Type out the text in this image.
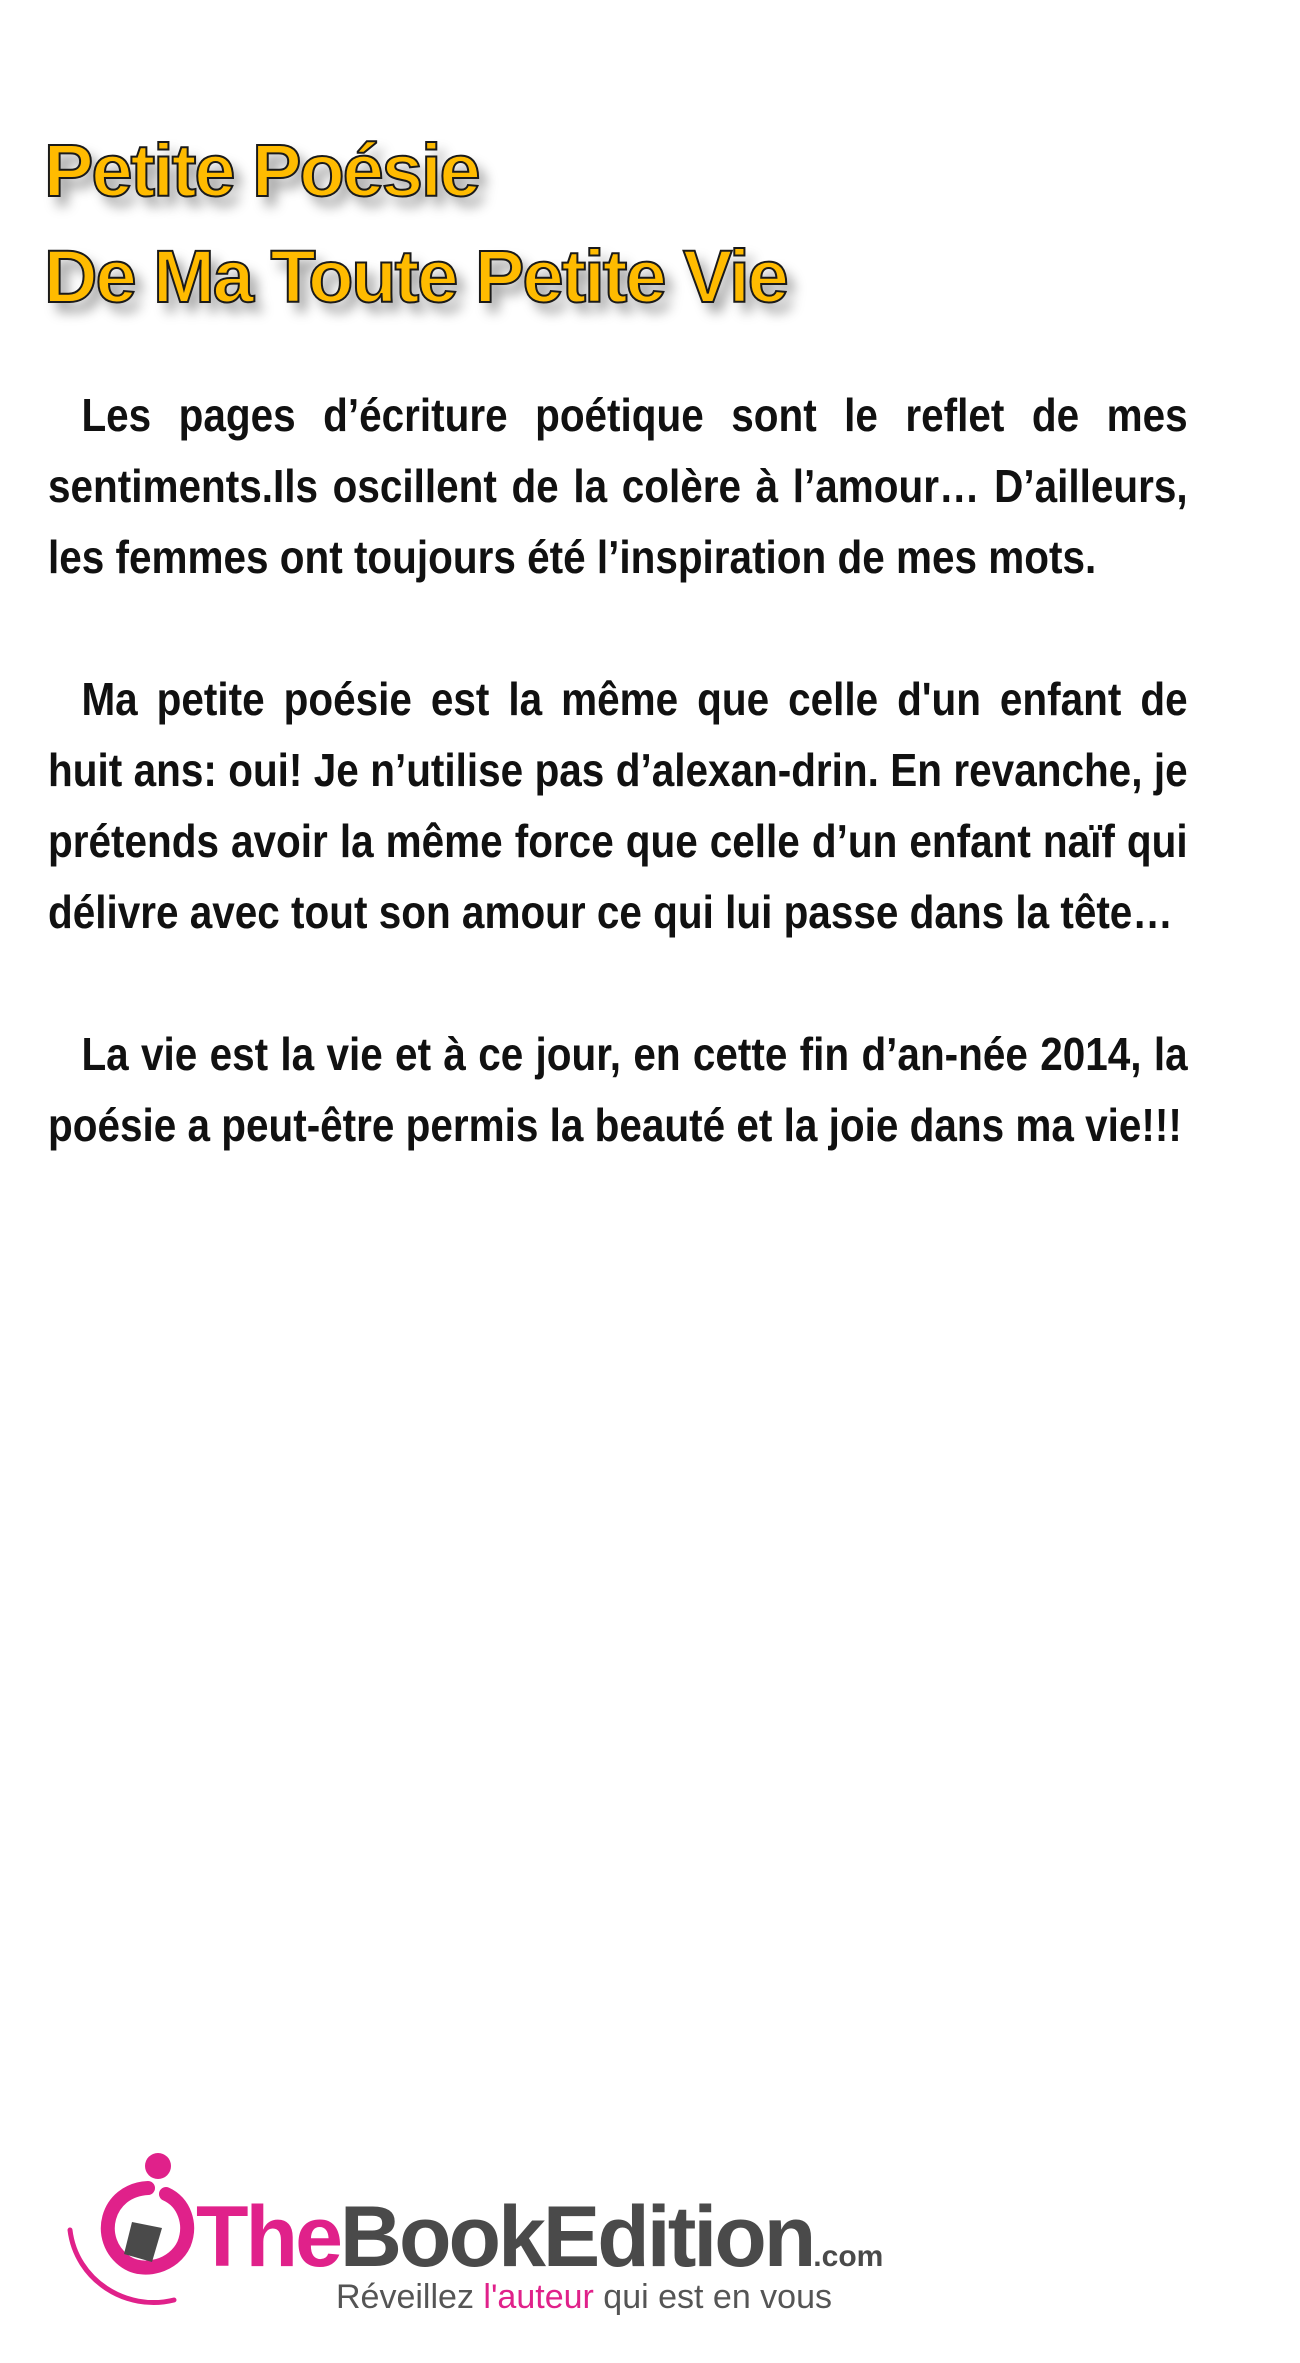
Petite Poésie
De Ma Toute Petite Vie

Les pages d’écriture poétique sont le reflet de mes sentiments.Ils oscillent de la colère à l’amour… D’ailleurs, les femmes ont toujours été l’inspiration de mes mots.

Ma petite poésie est la même que celle d'un enfant de huit ans: oui! Je n’utilise pas d’alexan-drin. En revanche, je prétends avoir la même force que celle d’un enfant naïf qui délivre avec tout son amour ce qui lui passe dans la tête…

La vie est la vie et à ce jour, en cette fin d’an-née 2014, la poésie a peut-être permis la beauté et la joie dans ma vie!!!

TheBookEdition.com
Réveillez l'auteur qui est en vous
